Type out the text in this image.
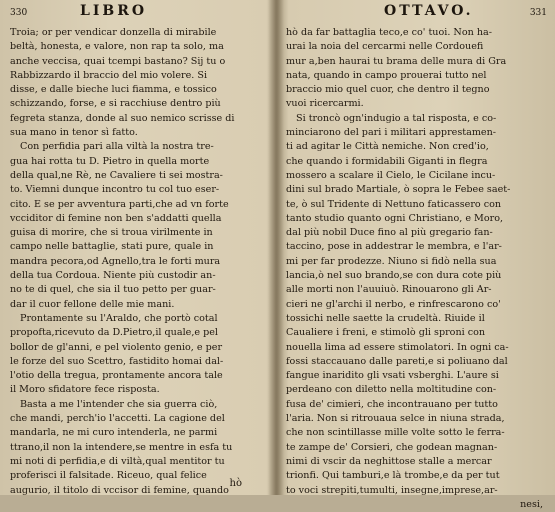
330	LIBRO
Troia; or per vendicar donzella di mirabile
beltà, honesta, e valore, non rap ta solo, ma
anche veccisa, quai tcempi bastano? Sij tu o
Rabbizzardo il braccio del mio volere. Si
disse, e dalle bieche luci fiamma, e tossico
schizzando, forse, e si racchiuse dentro più
fegreta stanza, donde al suo nemico scrisse di
sua mano in tenor sì fatto.
Con perfidia pari alla viltà la nostra tre-
gua hai rotta tu D. Pietro in quella morte
della qual,ne Rè, ne Cavaliere ti sei mostra-
to. Viemni dunque incontro tu col tuo eser-
cito. E se per avventura parti,che ad vn forte
vcciditor di femine non ben s'addatti quella
guisa di morire, che si troua virilmente in
campo nelle battaglie, stati pure, quale in
mandra pecora,od Agnello,tra le forti mura
della tua Cordoua. Niente più custodir an-
no te di quel, che sia il tuo petto per guar-
dar il cuor fellone delle mie mani.
Prontamente su l'Araldo, che portò cotal
propofta,ricevuto da D.Pietro,il quale,e pel
bollor de gl'anni, e pel violento genio, e per
le forze del suo Scettro, fastidito homai dal-
l'otio della tregua, prontamente ancora tale
il Moro sfidatore fece risposta.
Basta a me l'intender che sia guerra ciò,
che mandi, perch'io l'accetti. La cagione del
mandarla, ne mi curo intenderla, ne parmi
ttrano,il non la intendere,se mentre in esfa tu
mi noti di perfidia,e di viltà,qual mentitor tu
proferisci il falsitade. Riceuo, qual felice
augurio, il titolo di vccisor di femine, quando
hò
OTTAVO.	331
hò da far battaglia teco,e co' tuoi. Non ha-
urai la noia del cercarmi nelle Cordouefi
mur a,ben haurai tu brama delle mura di Gra
nata, quando in campo prouerai tutto nel
braccio mio quel cuor, che dentro il tegno
vuoi ricercarmi.
Si troncò ogn'indugio a tal risposta, e co-
minciarono del pari i militari apprestamen-
ti ad agitar le Città nemiche. Non cred'io,
che quando i formidabili Giganti in flegra
mossero a scalare il Cielo, le Cicilane incu-
dini sul brado Martiale, ò sopra le Febee saet-
te, ò sul Tridente di Nettuno faticassero con
tanto studio quanto ogni Christiano, e Moro,
dal più nobil Duce fino al più gregario fan-
taccino, pose in addestrar le membra, e l'ar-
mi per far prodezze. Niuno si fidò nella sua
lancia,ò nel suo brando,se con dura cote più
alle morti non l'auuiuò. Rinouarono gli Ar-
cieri ne gl'archi il nerbo, e rinfrescarono co'
tossichi nelle saette la crudeltà. Riuide il
Caualiere i freni, e stimolò gli sproni con
nouella lima ad essere stimolatori. In ogni ca-
fossi staccauano dalle pareti,e si poliuano dal
fangue inaridito gli vsati vsberghi. L'aure si
perdeano con diletto nella moltitudine con-
fusa de' cimieri, che incontrauano per tutto
l'aria. Non si ritrouaua selce in niuna strada,
che non scintillasse mille volte sotto le ferra-
te zampe de' Corsieri, che godean magnan-
nimi di vscir da neghittose stalle a mercar
trionfi. Qui tamburi,e là trombe,e da per tut
to voci strepiti,tumulti, insegne,imprese,ar-
nesi,
